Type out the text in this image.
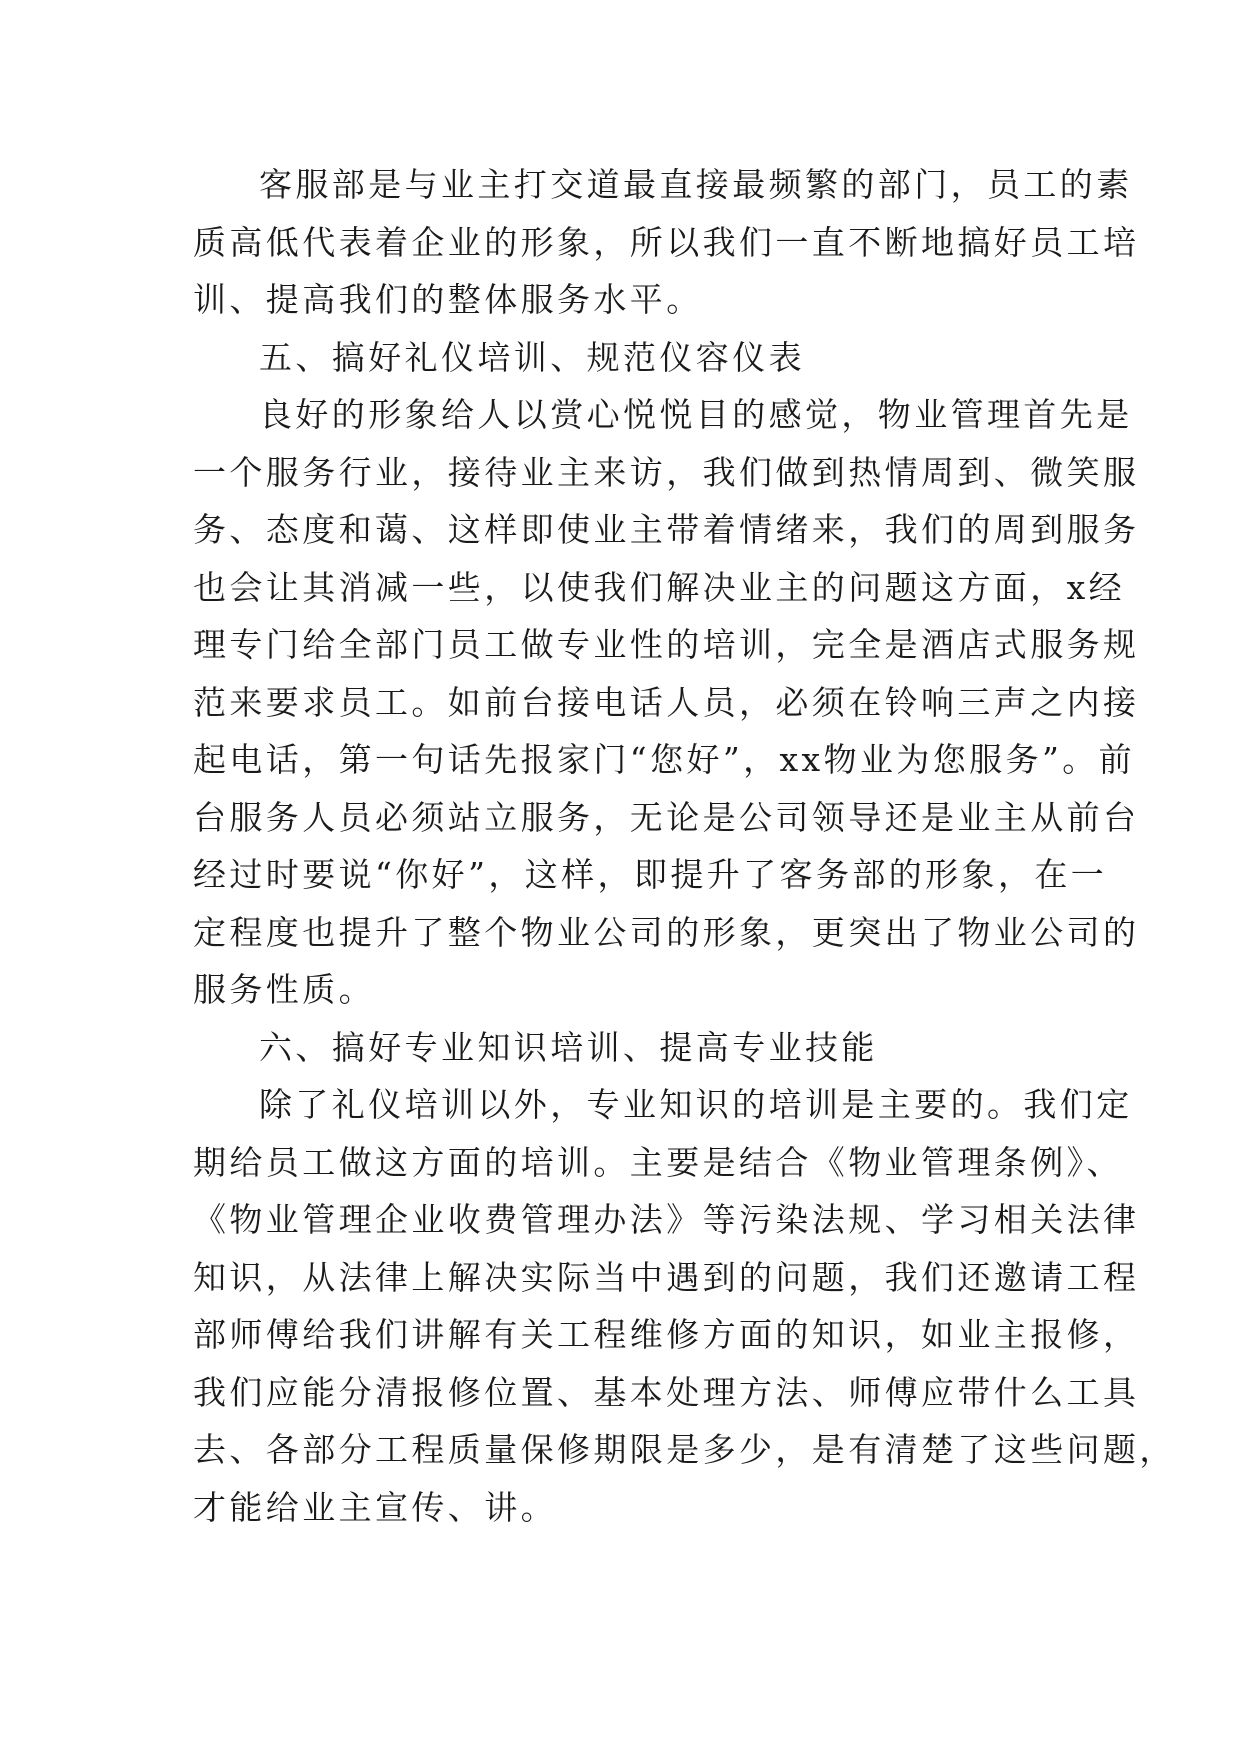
客服部是与业主打交道最直接最频繁的部门，员工的素
质高低代表着企业的形象，所以我们一直不断地搞好员工培
训、提高我们的整体服务水平。
五、搞好礼仪培训、规范仪容仪表
良好的形象给人以赏心悦悦目的感觉，物业管理首先是
一个服务行业，接待业主来访，我们做到热情周到、微笑服
务、态度和蔼、这样即使业主带着情绪来，我们的周到服务
也会让其消减一些，以使我们解决业主的问题这方面，x经
理专门给全部门员工做专业性的培训，完全是酒店式服务规
范来要求员工。如前台接电话人员，必须在铃响三声之内接
起电话，第一句话先报家门“您好”，xx物业为您服务”。前
台服务人员必须站立服务，无论是公司领导还是业主从前台
经过时要说“你好”，这样，即提升了客务部的形象，在一
定程度也提升了整个物业公司的形象，更突出了物业公司的
服务性质。
六、搞好专业知识培训、提高专业技能
除了礼仪培训以外，专业知识的培训是主要的。我们定
期给员工做这方面的培训。主要是结合《物业管理条例》、
《物业管理企业收费管理办法》等污染法规、学习相关法律
知识，从法律上解决实际当中遇到的问题，我们还邀请工程
部师傅给我们讲解有关工程维修方面的知识，如业主报修，
我们应能分清报修位置、基本处理方法、师傅应带什么工具
去、各部分工程质量保修期限是多少，是有清楚了这些问题，
才能给业主宣传、讲。
